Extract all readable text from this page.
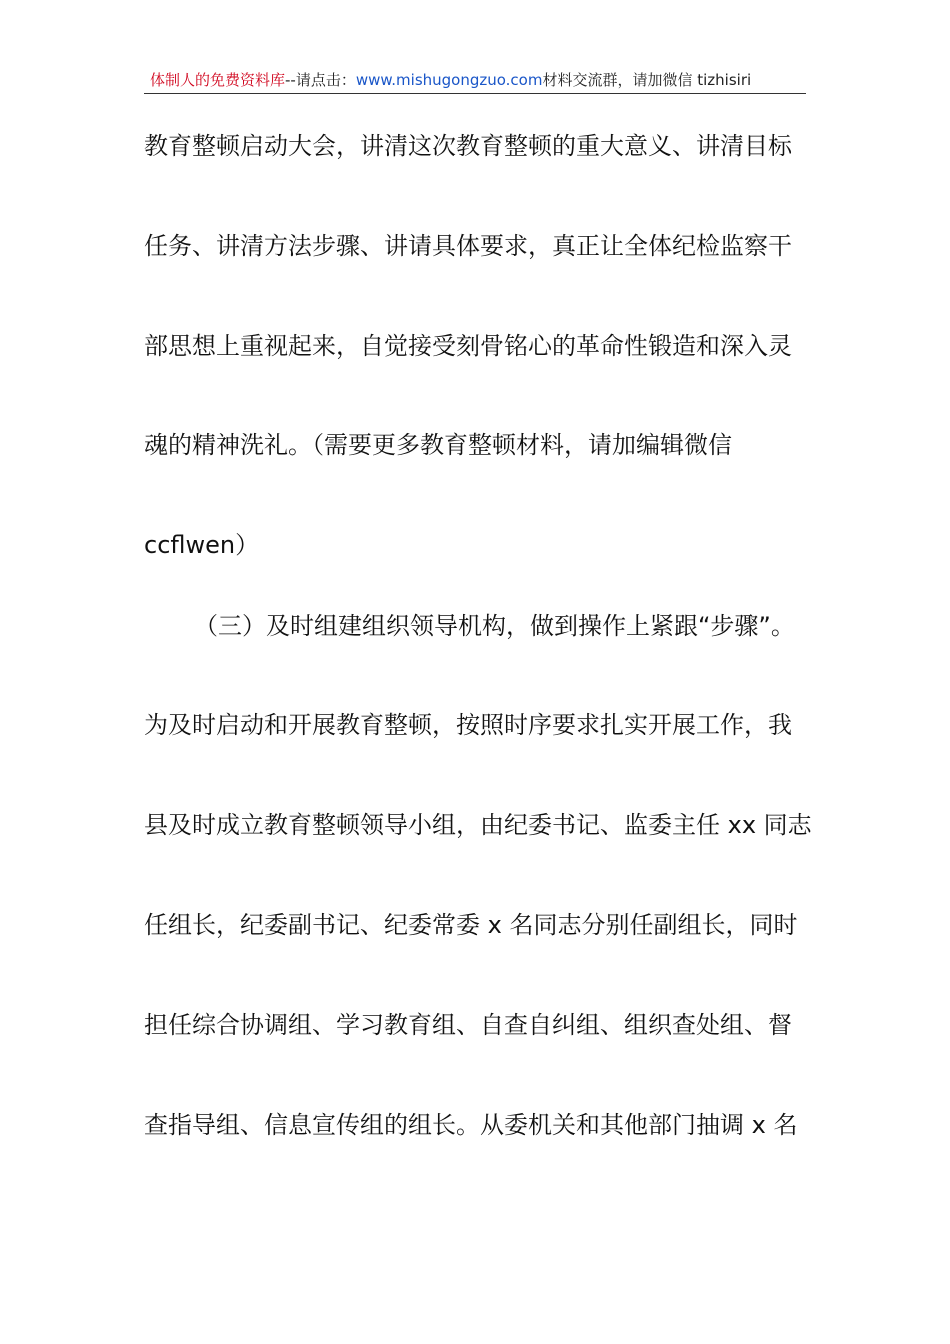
体制人的免费资料库--请点击：www.mishugongzuo.com材料交流群，请加微信 tizhisiri
教育整顿启动大会，讲清这次教育整顿的重大意义、讲清目标
任务、讲清方法步骤、讲请具体要求，真正让全体纪检监察干
部思想上重视起来，自觉接受刻骨铭心的革命性锻造和深入灵
魂的精神洗礼。（需要更多教育整顿材料，请加编辑微信
ccflwen）
（三）及时组建组织领导机构，做到操作上紧跟“步骤”。
为及时启动和开展教育整顿，按照时序要求扎实开展工作，我
县及时成立教育整顿领导小组，由纪委书记、监委主任 xx 同志
任组长，纪委副书记、纪委常委 x 名同志分别任副组长，同时
担任综合协调组、学习教育组、自查自纠组、组织查处组、督
查指导组、信息宣传组的组长。从委机关和其他部门抽调 x 名
